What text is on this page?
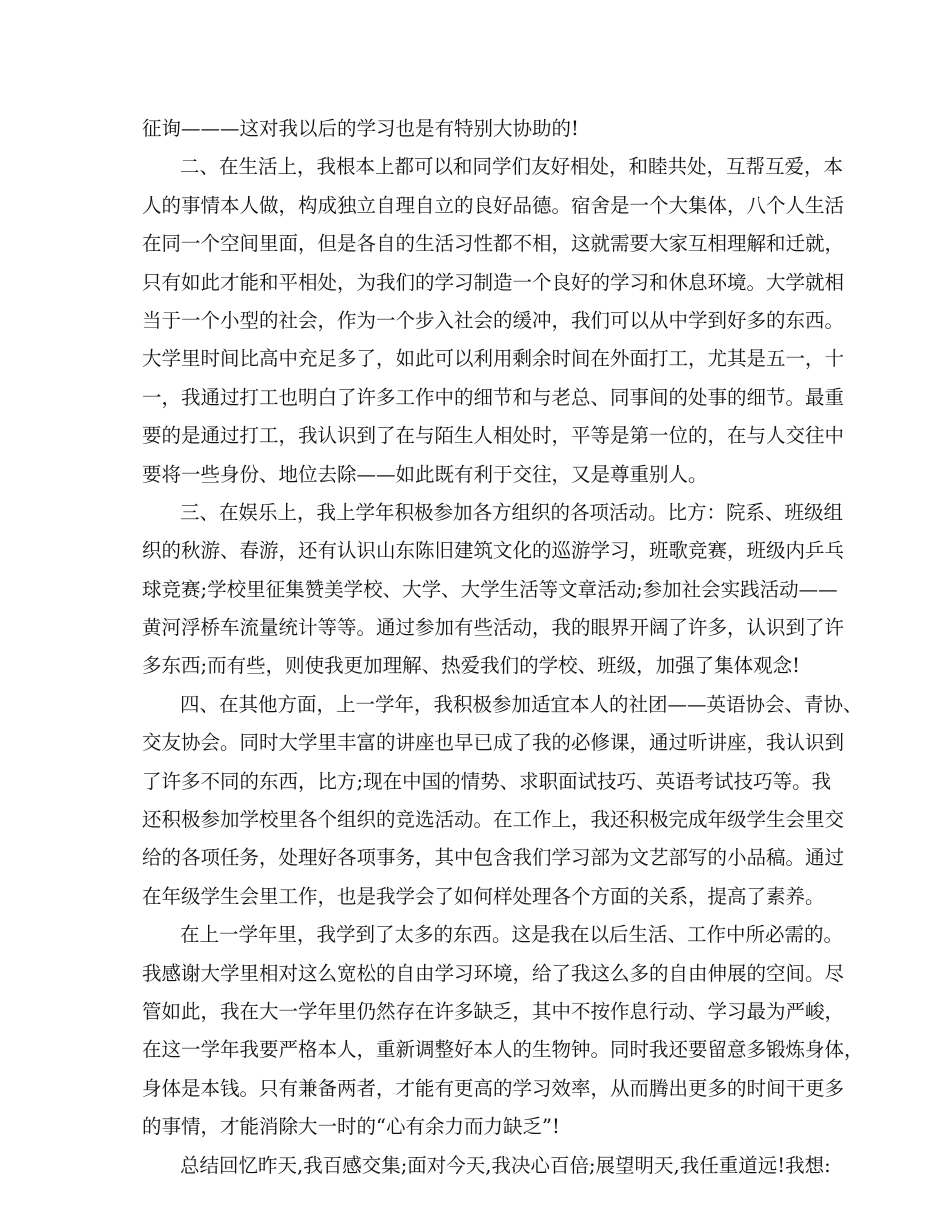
征询———这对我以后的学习也是有特别大协助的!
二、在生活上，我根本上都可以和同学们友好相处，和睦共处，互帮互爱，本
人的事情本人做，构成独立自理自立的良好品德。宿舍是一个大集体，八个人生活
在同一个空间里面，但是各自的生活习性都不相，这就需要大家互相理解和迁就，
只有如此才能和平相处，为我们的学习制造一个良好的学习和休息环境。大学就相
当于一个小型的社会，作为一个步入社会的缓冲，我们可以从中学到好多的东西。
大学里时间比高中充足多了，如此可以利用剩余时间在外面打工，尤其是五一，十
一，我通过打工也明白了许多工作中的细节和与老总、同事间的处事的细节。最重
要的是通过打工，我认识到了在与陌生人相处时，平等是第一位的，在与人交往中
要将一些身份、地位去除——如此既有利于交往，又是尊重别人。
三、在娱乐上，我上学年积极参加各方组织的各项活动。比方：院系、班级组
织的秋游、春游，还有认识山东陈旧建筑文化的巡游学习，班歌竞赛，班级内乒乓
球竞赛;学校里征集赞美学校、大学、大学生活等文章活动;参加社会实践活动——
黄河浮桥车流量统计等等。通过参加有些活动，我的眼界开阔了许多，认识到了许
多东西;而有些，则使我更加理解、热爱我们的学校、班级，加强了集体观念!
四、在其他方面，上一学年，我积极参加适宜本人的社团——英语协会、青协、
交友协会。同时大学里丰富的讲座也早已成了我的必修课，通过听讲座，我认识到
了许多不同的东西，比方;现在中国的情势、求职面试技巧、英语考试技巧等。我
还积极参加学校里各个组织的竞选活动。在工作上，我还积极完成年级学生会里交
给的各项任务，处理好各项事务，其中包含我们学习部为文艺部写的小品稿。通过
在年级学生会里工作，也是我学会了如何样处理各个方面的关系，提高了素养。
在上一学年里，我学到了太多的东西。这是我在以后生活、工作中所必需的。
我感谢大学里相对这么宽松的自由学习环境，给了我这么多的自由伸展的空间。尽
管如此，我在大一学年里仍然存在许多缺乏，其中不按作息行动、学习最为严峻，
在这一学年我要严格本人，重新调整好本人的生物钟。同时我还要留意多锻炼身体，
身体是本钱。只有兼备两者，才能有更高的学习效率，从而腾出更多的时间干更多
的事情，才能消除大一时的“心有余力而力缺乏”!
总结回忆昨天,我百感交集;面对今天,我决心百倍;展望明天,我任重道远!我想:
